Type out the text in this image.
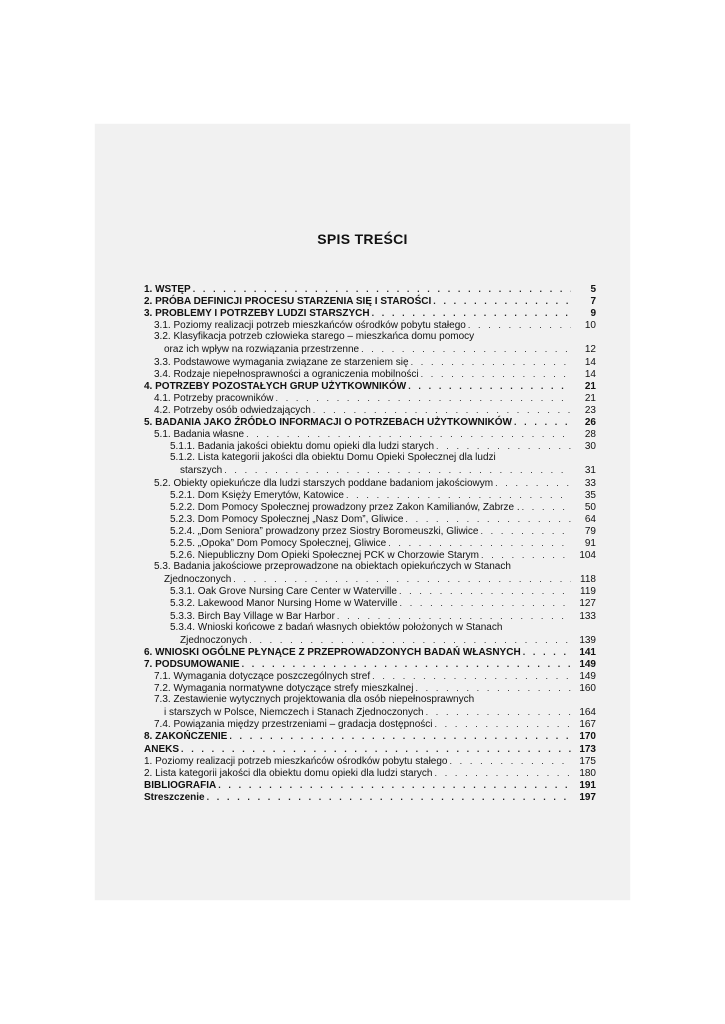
SPIS TREŚCI
1. WSTĘP . . .	5
2. PRÓBA DEFINICJI PROCESU STARZENIA SIĘ I STAROŚCI . . .	7
3. PROBLEMY I POTRZEBY LUDZI STARSZYCH . . .	9
3.1. Poziomy realizacji potrzeb mieszkańców ośrodków pobytu stałego . . .	10
3.2. Klasyfikacja potrzeb człowieka starego – mieszkańca domu pomocy
oraz ich wpływ na rozwiązania przestrzenne . . .	12
3.3. Podstawowe wymagania związane ze starzeniem się . . .	14
3.4. Rodzaje niepełnosprawności a ograniczenia mobilności . . .	14
4. POTRZEBY POZOSTAŁYCH GRUP UŻYTKOWNIKÓW . . .	21
4.1. Potrzeby pracowników . . .	21
4.2. Potrzeby osób odwiedzających . . .	23
5. BADANIA JAKO ŹRÓDŁO INFORMACJI O POTRZEBACH UŻYTKOWNIKÓW . . .	26
5.1. Badania własne . . .	28
5.1.1. Badania jakości obiektu domu opieki dla ludzi starych . . .	30
5.1.2. Lista kategorii jakości dla obiektu Domu Opieki Społecznej dla ludzi
starszych . . .	31
5.2. Obiekty opiekuńcze dla ludzi starszych poddane badaniom jakościowym . . .	33
5.2.1. Dom Księży Emerytów, Katowice . . .	35
5.2.2. Dom Pomocy Społecznej prowadzony przez Zakon Kamilianów, Zabrze . . . .	50
5.2.3. Dom Pomocy Społecznej „Nasz Dom”, Gliwice . . .	64
5.2.4. „Dom Seniora” prowadzony przez Siostry Boromeuszki, Gliwice . . .	79
5.2.5. „Opoka” Dom Pomocy Społecznej, Gliwice . . .	91
5.2.6. Niepubliczny Dom Opieki Społecznej PCK w Chorzowie Starym . . .	104
5.3. Badania jakościowe przeprowadzone na obiektach opiekuńczych w Stanach
Zjednoczonych . . .	118
5.3.1. Oak Grove Nursing Care Center w Waterville . . .	119
5.3.2. Lakewood Manor Nursing Home w Waterville . . .	127
5.3.3. Birch Bay Village w Bar Harbor . . .	133
5.3.4. Wnioski końcowe z badań własnych obiektów położonych w Stanach
Zjednoczonych . . .	139
6. WNIOSKI OGÓLNE PŁYNĄCE Z PRZEPROWADZONYCH BADAŃ WŁASNYCH . . .	141
7. PODSUMOWANIE . . .	149
7.1. Wymagania dotyczące poszczególnych stref . . .	149
7.2. Wymagania normatywne dotyczące strefy mieszkalnej . . .	160
7.3. Zestawienie wytycznych projektowania dla osób niepełnosprawnych
i starszych w Polsce, Niemczech i Stanach Zjednoczonych . . .	164
7.4. Powiązania między przestrzeniami – gradacja dostępności . . .	167
8. ZAKOŃCZENIE . . .	170
ANEKS . . .	173
1. Poziomy realizacji potrzeb mieszkańców ośrodków pobytu stałego . . .	175
2. Lista kategorii jakości dla obiektu domu opieki dla ludzi starych . . .	180
BIBLIOGRAFIA . . .	191
Streszczenie . . .	197
